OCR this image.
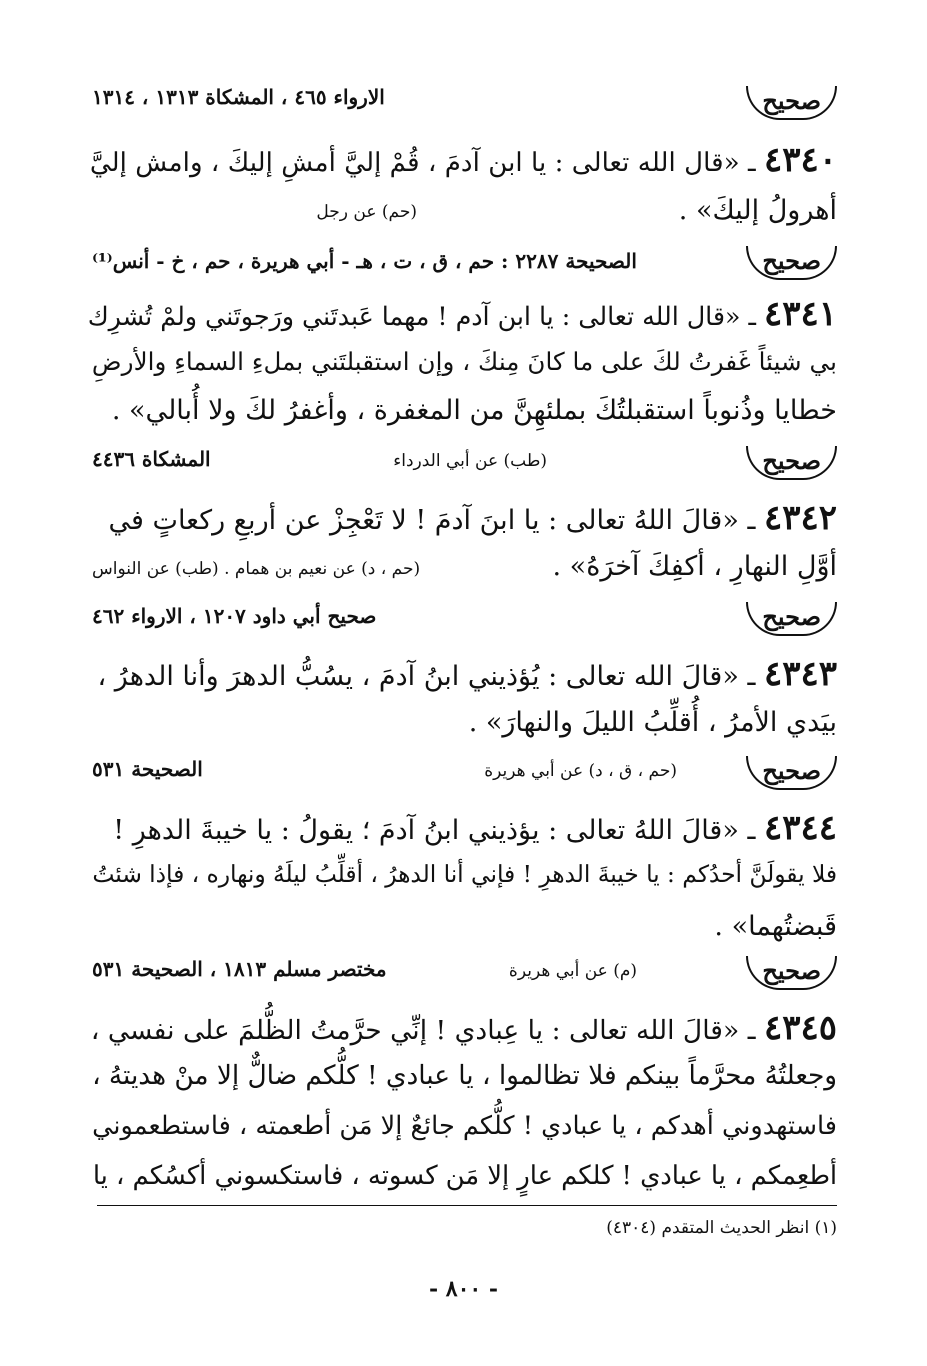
صحيح
الارواء ٤٦٥ ، المشكاة ١٣١٣ ، ١٣١٤
٤٣٤٠ ـ «قال الله تعالى : يا ابن آدمَ ، قُمْ إليَّ أمشِ إليكَ ، وامش إليَّ
أهرولُ إليكَ» .
(حم) عن رجل
صحيح
الصحيحة ٢٢٨٧ : حم ، ق ، ت ، هـ - أبي هريرة ، حم ، خ - أنس⁽¹⁾
٤٣٤١ ـ «قال الله تعالى : يا ابن آدم ! مهما عَبدتَني ورَجوتَني ولمْ تُشرِك
بي شيئاً غَفرتُ لكَ على ما كانَ مِنكَ ، وإن استقبلتَني بملءِ السماءِ والأرضِ
خطايا وذُنوباً استقبلتُكَ بملئهِنَّ من المغفرة ، وأغفرُ لكَ ولا أُبالي» .
صحيح
(طب) عن أبي الدرداء
المشكاة ٤٤٣٦
٤٣٤٢ ـ «قالَ اللهُ تعالى : يا ابنَ آدمَ ! لا تَعْجِزْ عن أربعِ ركعاتٍ في
أوَّلِ النهارِ ، أكفِكَ آخرَهُ» .
(حم ، د) عن نعيم بن همام . (طب) عن النواس
صحيح
صحيح أبي داود ١٢٠٧ ، الارواء ٤٦٢
٤٣٤٣ ـ «قالَ الله تعالى : يُؤذيني ابنُ آدمَ ، يسُبُّ الدهرَ وأنا الدهرُ ،
بيَدي الأمرُ ، أُقلِّبُ الليلَ والنهارَ» .
صحيح
(حم ، ق ، د) عن أبي هريرة
الصحيحة ٥٣١
٤٣٤٤ ـ «قالَ اللهُ تعالى : يؤذيني ابنُ آدمَ ؛ يقولُ : يا خيبةَ الدهرِ !
فلا يقولَنَّ أحدُكم : يا خيبةَ الدهرِ ! فإني أنا الدهرُ ، أقلِّبُ ليلَهُ ونهاره ، فإذا شئتُ
قَبضتُهما» .
صحيح
(م) عن أبي هريرة
مختصر مسلم ١٨١٣ ، الصحيحة ٥٣١
٤٣٤٥ ـ «قالَ الله تعالى : يا عِبادي ! إنِّي حرَّمتُ الظُّلمَ على نفسي ،
وجعلتُهُ محرَّماً بينكم فلا تظالموا ، يا عبادي ! كلُّكم ضالٌّ إلا منْ هديتهُ ،
فاستهدوني أهدكم ، يا عبادي ! كلُّكم جائعٌ إلا مَن أطعمته ، فاستطعموني
أطعِمكم ، يا عبادي ! كلكم عارٍ إلا مَن كسوته ، فاستكسوني أكسُكم ، يا
(١) انظر الحديث المتقدم (٤٣٠٤)
- ٨٠٠ -
